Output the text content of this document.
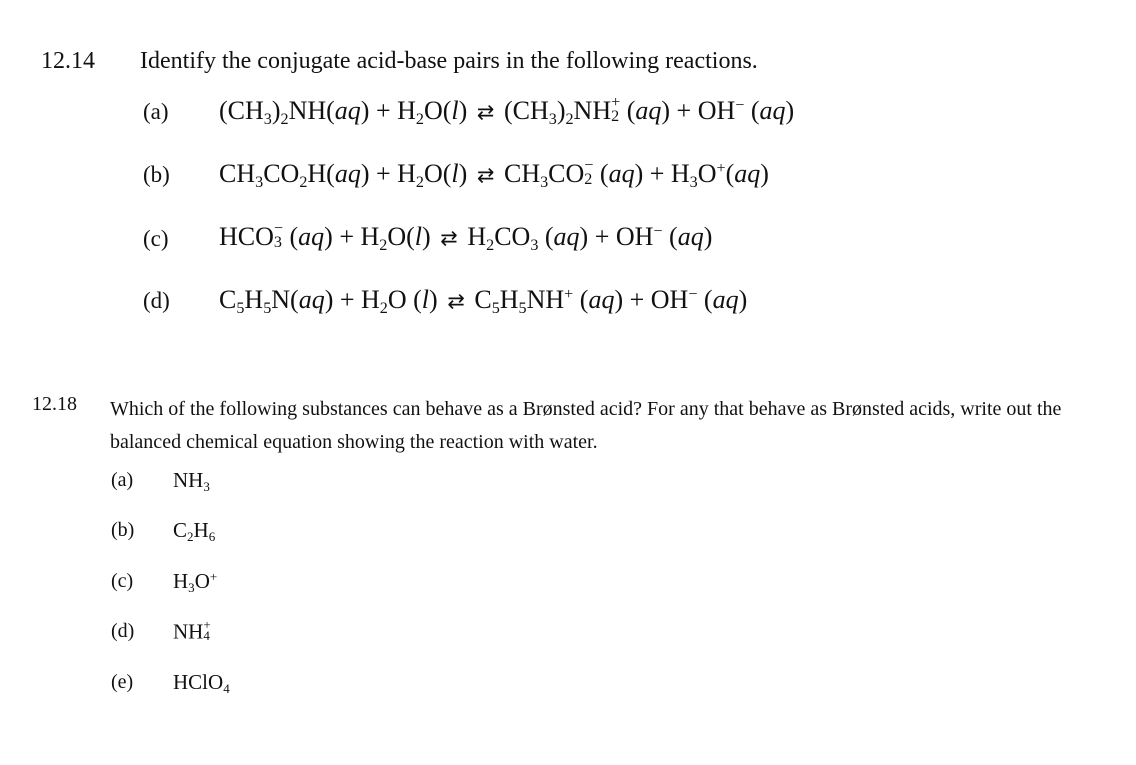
12.14 Identify the conjugate acid-base pairs in the following reactions.
(a) $(CH_3)_2NH(aq) + H_2O(l)$ ⇄ $(CH_3)_2NH$ +
2 (aq) + OH− (aq)
(b) $CH_3CO_2H(aq) + H_2O(l)$ ⇄ $CH_3CO$ −
2 $(aq) + H_3O^+(aq)$
(c) HCO −
3 $(aq) + H_2O(l)$ ⇄ $H_2CO_3$ (aq) + OH− (aq)
(d) $C_5H_5N(aq) + H_2O$ (l) ⇄ $C_5H_5NH^+$ (aq) + OH− (aq)
12.18 Which of the following substances can behave as a Brønsted acid? For any that behave as Brønsted acids, write out the balanced chemical equation showing the reaction with water.
(a) $NH_3$
(b) $C_2H_6$
(c) $H_3O^+$
(d) NH +
4
(e) HClO$_4$
